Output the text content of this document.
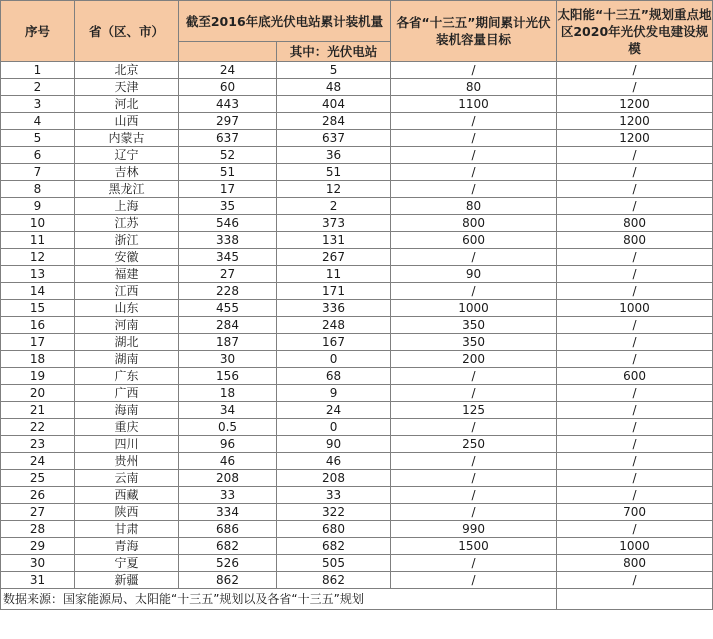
序号	省（区、市）	截至2016年底光伏电站累计装机量		各省“十三五”期间累计光伏装机容量目标	太阳能“十三五”规划重点地区2020年光伏发电建设规模
			其中：光伏电站		
1	北京	24	5	/	/
2	天津	60	48	80	/
3	河北	443	404	1100	1200
4	山西	297	284	/	1200
5	内蒙古	637	637	/	1200
6	辽宁	52	36	/	/
7	吉林	51	51	/	/
8	黑龙江	17	12	/	/
9	上海	35	2	80	/
10	江苏	546	373	800	800
11	浙江	338	131	600	800
12	安徽	345	267	/	/
13	福建	27	11	90	/
14	江西	228	171	/	/
15	山东	455	336	1000	1000
16	河南	284	248	350	/
17	湖北	187	167	350	/
18	湖南	30	0	200	/
19	广东	156	68	/	600
20	广西	18	9	/	/
21	海南	34	24	125	/
22	重庆	0.5	0	/	/
23	四川	96	90	250	/
24	贵州	46	46	/	/
25	云南	208	208	/	/
26	西藏	33	33	/	/
27	陕西	334	322	/	700
28	甘肃	686	680	990	/
29	青海	682	682	1500	1000
30	宁夏	526	505	/	800
31	新疆	862	862	/	/
数据来源：国家能源局、太阳能“十三五”规划以及各省“十三五”规划					
